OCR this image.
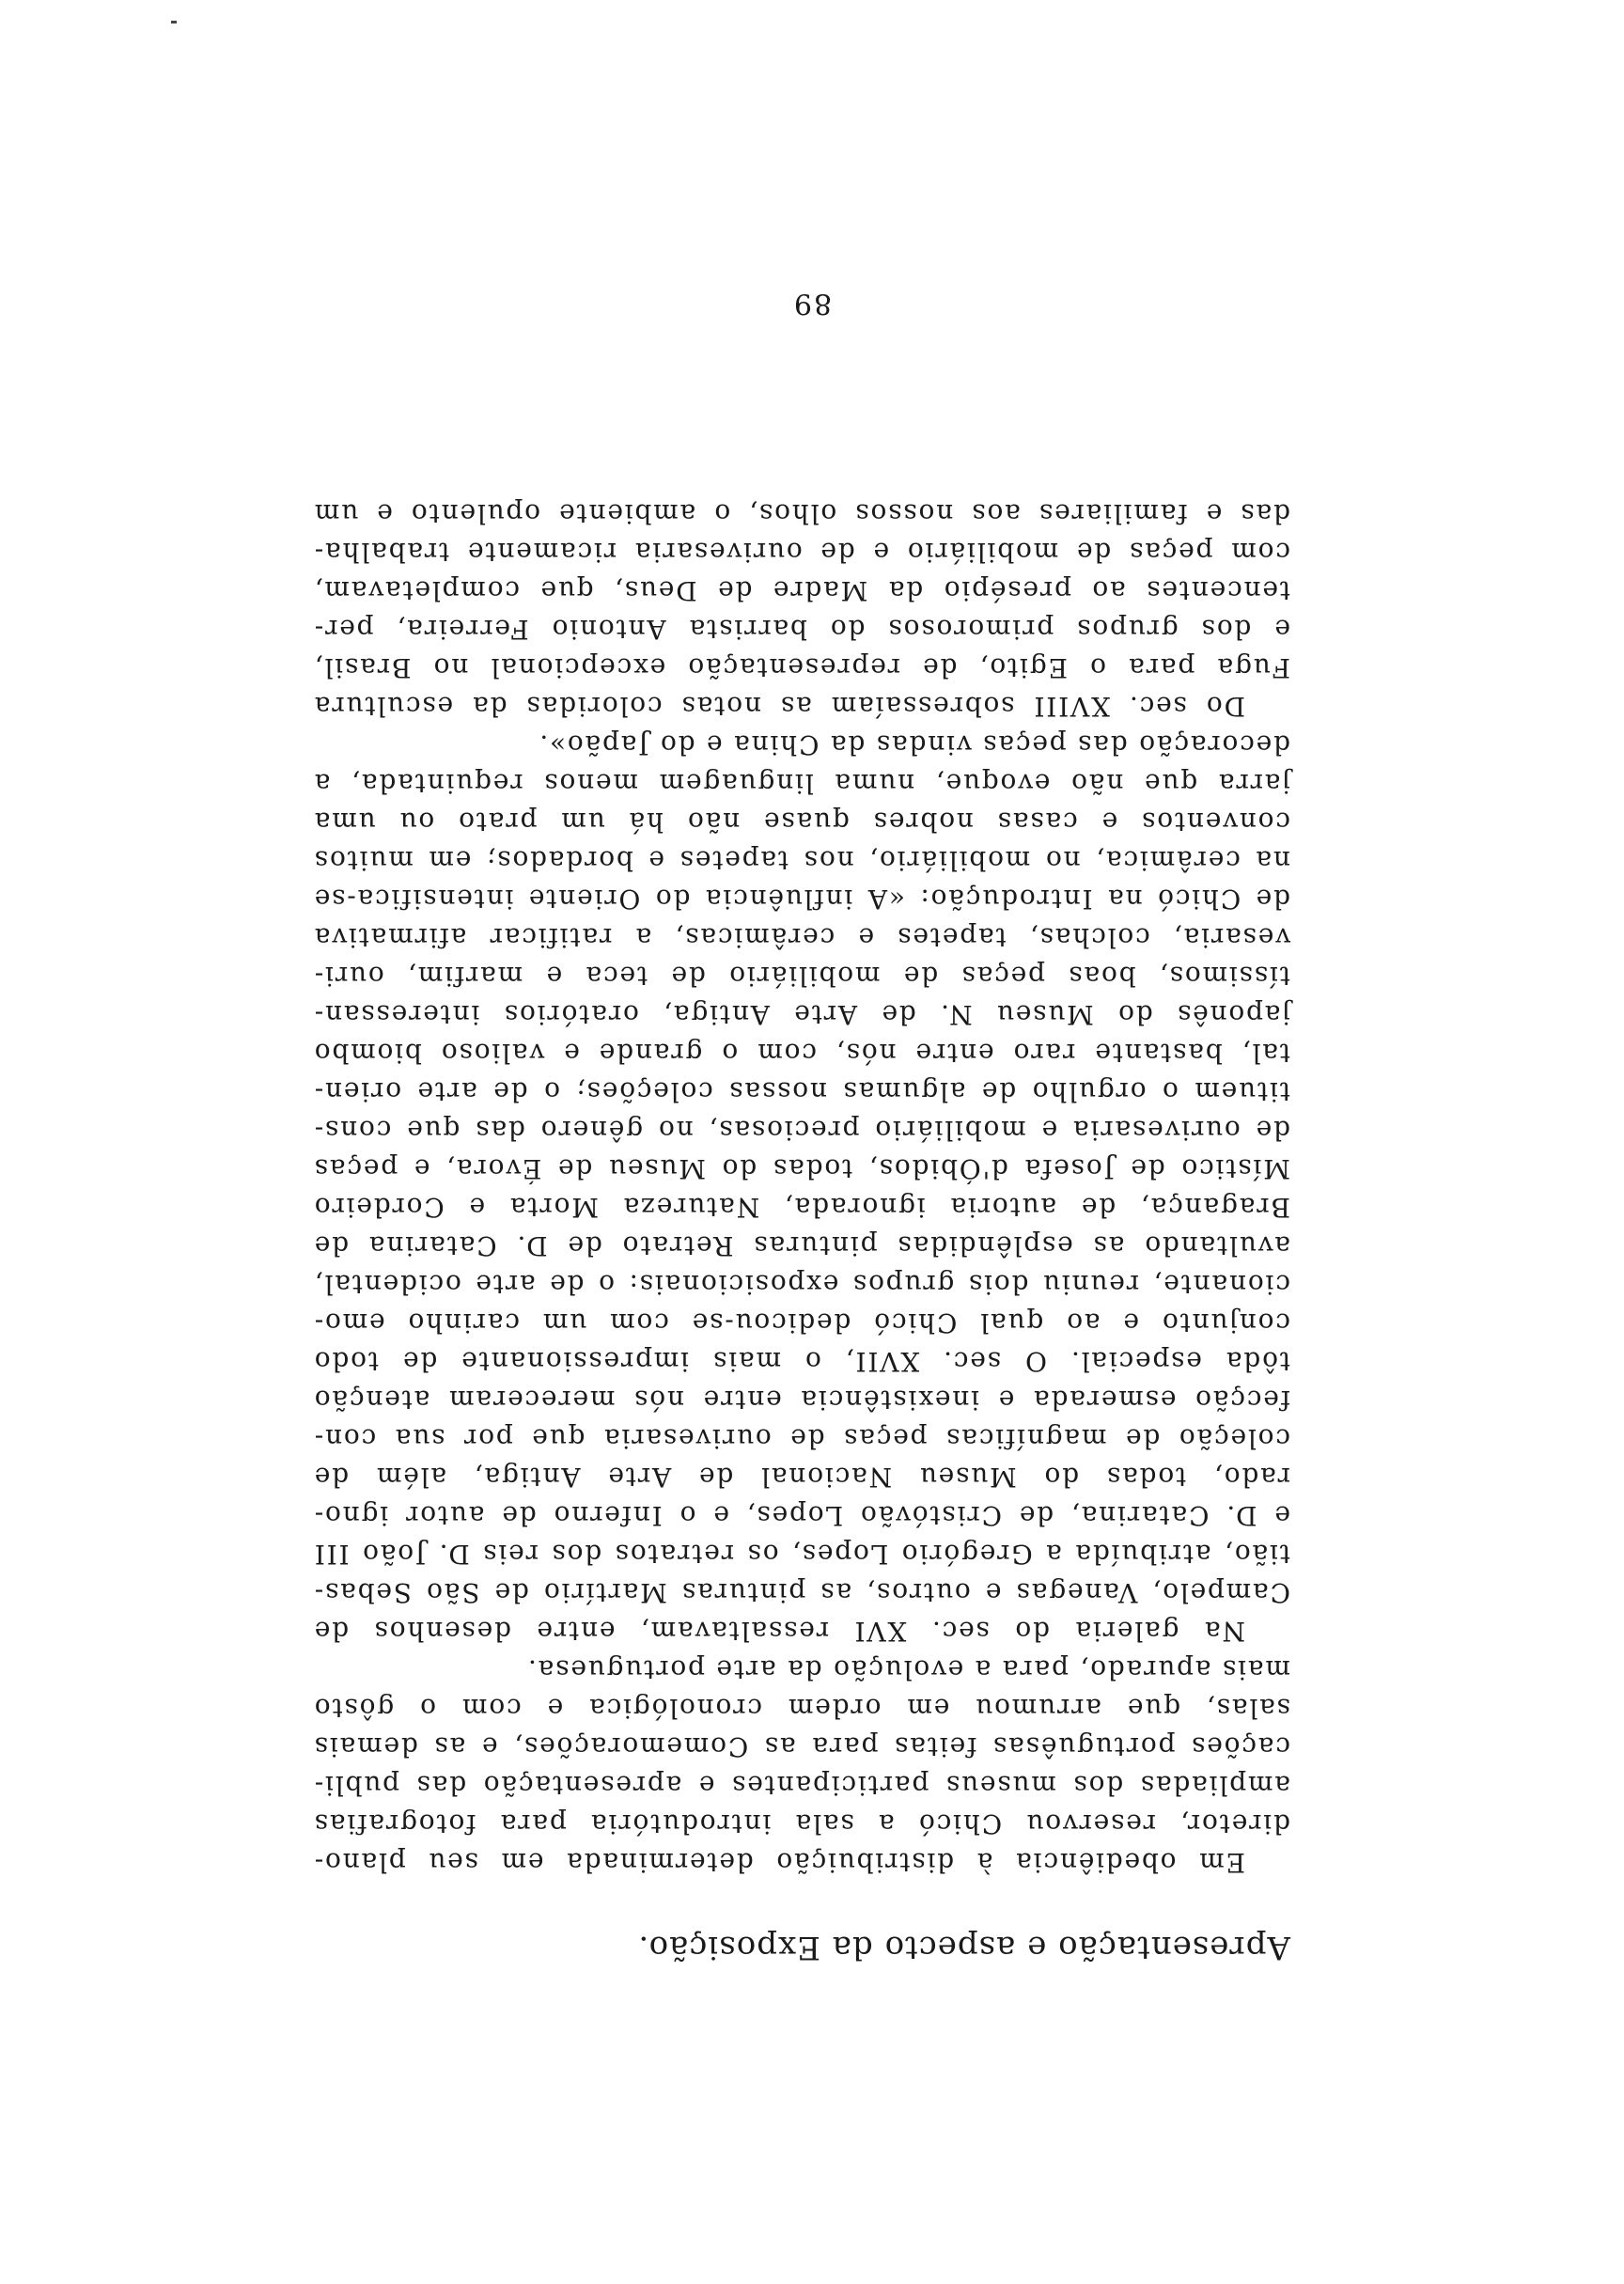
Apresentação e aspecto da Exposição.

Em obediência à distribuição determinada em seu plano-
diretor, reservou Chicó a sala introdutória para fotografias
ampliadas dos museus participantes e apresentação das publi-
cações portuguêsas feitas para as Comemorações, e as demais
salas, que arrumou em ordem cronológica e com o gôsto
mais apurado, para a evolução da arte portuguesa.

Na galeria do sec. XVI ressaltavam, entre desenhos de
Campelo, Vanegas e outros, as pinturas Martírio de São Sebas-
tião, atribuída a Gregório Lopes, os retratos dos reis D. João III
e D. Catarina, de Cristóvão Lopes, e o Inferno de autor igno-
rado, todas do Museu Nacional de Arte Antiga, além de
coleção de magníficas peças de ourivesaria que por sua con-
fecção esmerada e inexistência entre nós mereceram atenção
tôda especial. O sec. XVII, o mais impressionante de todo
conjunto e ao qual Chicó dedicou-se com um carinho emo-
cionante, reuniu dois grupos exposicionais: o de arte ocidental,
avultando as esplêndidas pinturas Retrato de D. Catarina de
Bragança, de autoria ignorada, Natureza Morta e Cordeiro
Místico de Josefa d'Óbidos, todas do Museu de Évora, e peças
de ourivesaria e mobiliário preciosas, no gênero das que cons-
tituem o orgulho de algumas nossas coleções; o de arte orien-
tal, bastante raro entre nós, com o grande e valioso biombo
japonês do Museu N. de Arte Antiga, oratórios interessan-
tíssimos, boas peças de mobiliário de teca e marfim, ouri-
vesaria, colchas, tapetes e cerâmicas, a ratificar afirmativa
de Chicó na Introdução: «A influência do Oriente intensifica-se
na cerâmica, no mobiliário, nos tapetes e bordados; em muitos
conventos e casas nobres quase não há um prato ou uma
jarra que não evoque, numa linguagem menos requintada, a
decoração das peças vindas da China e do Japão».

Do sec. XVIII sobressaíam as notas coloridas da escultura
Fuga para o Egito, de representação excepcional no Brasil,
e dos grupos primorosos do barrista Antonio Ferreira, per-
tencentes ao presépio da Madre de Deus, que completavam,
com peças de mobiliário e de ourivesaria ricamente trabalha-
das e familiares aos nossos olhos, o ambiente opulento e um

89
